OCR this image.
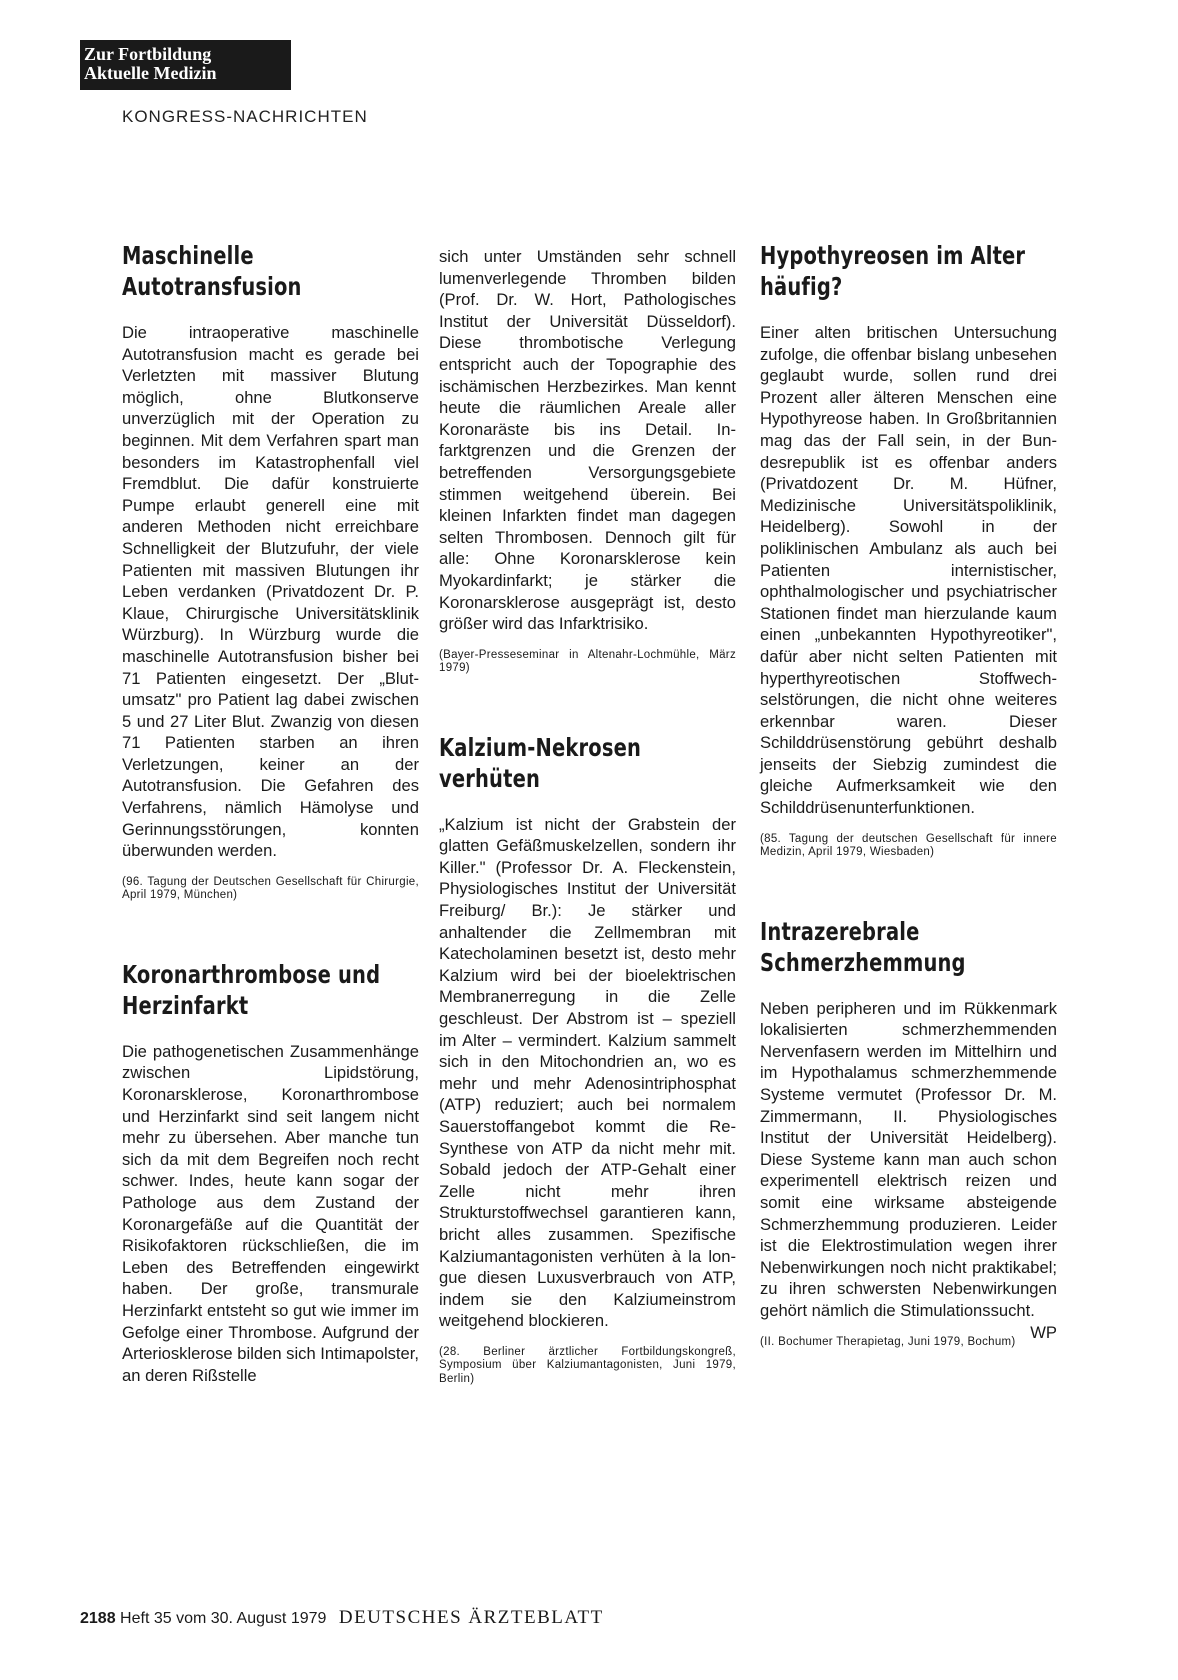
Zur Fortbildung
Aktuelle Medizin
KONGRESS-NACHRICHTEN
Maschinelle Autotransfusion

Die intraoperative maschinelle Autotransfusion macht es gerade bei Verletzten mit massiver Blutung möglich, ohne Blutkonserve unverzüglich mit der Operation zu beginnen. Mit dem Verfahren spart man besonders im Katastrophenfall viel Fremdblut. Die dafür konstruierte Pumpe erlaubt generell eine mit anderen Methoden nicht erreichbare Schnelligkeit der Blutzufuhr, der viele Patienten mit massiven Blutungen ihr Leben verdanken (Privatdozent Dr. P. Klaue, Chirurgische Universitätsklinik Würzburg). In Würzburg wurde die maschinelle Autotransfusion bisher bei 71 Patienten eingesetzt. Der „Blutumsatz" pro Patient lag dabei zwischen 5 und 27 Liter Blut. Zwanzig von diesen 71 Patienten starben an ihren Verletzungen, keiner an der Autotransfusion. Die Gefahren des Verfahrens, nämlich Hämolyse und Gerinnungsstörungen, konnten überwunden werden.

(96. Tagung der Deutschen Gesellschaft für Chirurgie, April 1979, München)

Koronarthrombose und Herzinfarkt

Die pathogenetischen Zusammenhänge zwischen Lipidstörung, Koronarsklerose, Koronarthrombose und Herzinfarkt sind seit langem nicht mehr zu übersehen. Aber manche tun sich da mit dem Begreifen noch recht schwer. Indes, heute kann sogar der Pathologe aus dem Zustand der Koronargefäße auf die Quantität der Risikofaktoren rückschließen, die im Leben des Betreffenden eingewirkt haben. Der große, transmurale Herzinfarkt entsteht so gut wie immer im Gefolge einer Thrombose. Aufgrund der Arteriosklerose bilden sich Intimapolster, an deren Rißstelle

sich unter Umständen sehr schnell lumenverlegende Thromben bilden (Prof. Dr. W. Hort, Pathologisches Institut der Universität Düsseldorf). Diese thrombotische Verlegung entspricht auch der Topographie des ischämischen Herzbezirkes. Man kennt heute die räumlichen Areale aller Koronaräste bis ins Detail. Infarktgrenzen und die Grenzen der betreffenden Versorgungsgebiete stimmen weitgehend überein. Bei kleinen Infarkten findet man dagegen selten Thrombosen. Dennoch gilt für alle: Ohne Koronarsklerose kein Myokardinfarkt; je stärker die Koronarsklerose ausgeprägt ist, desto größer wird das Infarktrisiko.

(Bayer-Presseseminar in Altenahr-Lochmühle, März 1979)

Kalzium-Nekrosen verhüten

„Kalzium ist nicht der Grabstein der glatten Gefäßmuskelzellen, sondern ihr Killer." (Professor Dr. A. Fleckenstein, Physiologisches Institut der Universität Freiburg/ Br.): Je stärker und anhaltender die Zellmembran mit Katecholaminen besetzt ist, desto mehr Kalzium wird bei der bioelektrischen Membranerregung in die Zelle geschleust. Der Abstrom ist – speziell im Alter – vermindert. Kalzium sammelt sich in den Mitochondrien an, wo es mehr und mehr Adenosintriphosphat (ATP) reduziert; auch bei normalem Sauerstoffangebot kommt die Re-Synthese von ATP da nicht mehr mit. Sobald jedoch der ATP-Gehalt einer Zelle nicht mehr ihren Strukturstoffwechsel garantieren kann, bricht alles zusammen. Spezifische Kalziumantagonisten verhüten à la longue diesen Luxusverbrauch von ATP, indem sie den Kalziumeinstrom weitgehend blockieren.

(28. Berliner ärztlicher Fortbildungskongreß, Symposium über Kalziumantagonisten, Juni 1979, Berlin)

Hypothyreosen im Alter häufig?

Einer alten britischen Untersuchung zufolge, die offenbar bislang unbesehen geglaubt wurde, sollen rund drei Prozent aller älteren Menschen eine Hypothyreose haben. In Großbritannien mag das der Fall sein, in der Bundesrepublik ist es offenbar anders (Privatdozent Dr. M. Hüfner, Medizinische Universitätspoliklinik, Heidelberg). Sowohl in der poliklinischen Ambulanz als auch bei Patienten internistischer, ophthalmologischer und psychiatrischer Stationen findet man hierzulande kaum einen „unbekannten Hypothyreotiker", dafür aber nicht selten Patienten mit hyperthyreotischen Stoffwechselstörungen, die nicht ohne weiteres erkennbar waren. Dieser Schilddrüsenstörung gebührt deshalb jenseits der Siebzig zumindest die gleiche Aufmerksamkeit wie den Schilddrüsenunterfunktionen.

(85. Tagung der deutschen Gesellschaft für innere Medizin, April 1979, Wiesbaden)

Intrazerebrale Schmerzhemmung

Neben peripheren und im Rükkenmark lokalisierten schmerzhemmenden Nervenfasern werden im Mittelhirn und im Hypothalamus schmerzhemmende Systeme vermutet (Professor Dr. M. Zimmermann, II. Physiologisches Institut der Universität Heidelberg). Diese Systeme kann man auch schon experimentell elektrisch reizen und somit eine wirksame absteigende Schmerzhemmung produzieren. Leider ist die Elektrostimulation wegen ihrer Nebenwirkungen noch nicht praktikabel; zu ihren schwersten Nebenwirkungen gehört nämlich die Stimulationssucht.
WP

(II. Bochumer Therapietag, Juni 1979, Bochum)

2188 Heft 35 vom 30. August 1979 DEUTSCHES ÄRZTEBLATT
